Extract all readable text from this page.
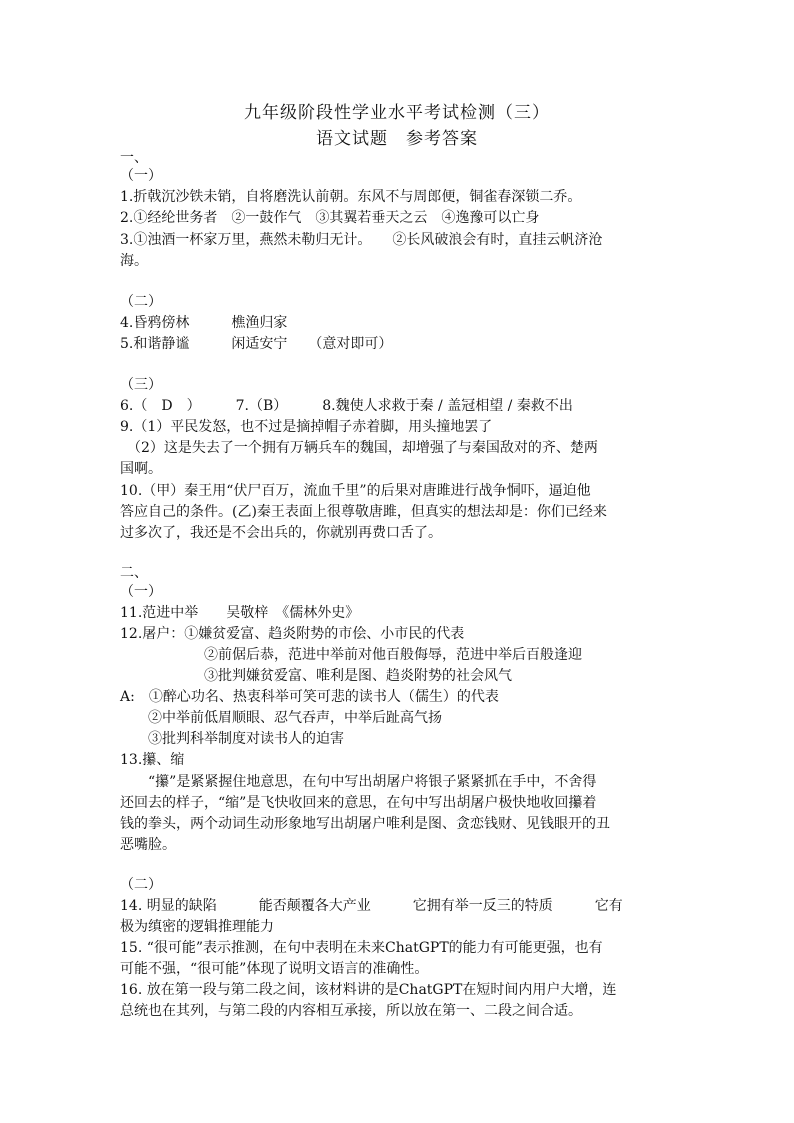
九年级阶段性学业水平考试检测（三）
语文试题　参考答案
一、
（一）
1.折戟沉沙铁未销，自将磨洗认前朝。东风不与周郎便，铜雀春深锁二乔。
2.①经纶世务者　②一鼓作气　③其翼若垂天之云　④逸豫可以亡身
3.①浊酒一杯家万里，燕然未勒归无计。　　②长风破浪会有时，直挂云帆济沧
海。
（二）
4.昏鸦傍林　　　樵渔归家
5.和谐静谧　　　闲适安宁　　（意对即可）
（三）
6.（　D　）　　　7.（B）　　　8.魏使人求救于秦 / 盖冠相望 / 秦救不出
9.（1）平民发怒，也不过是摘掉帽子赤着脚，用头撞地罢了
　（2）这是失去了一个拥有万辆兵车的魏国，却增强了与秦国敌对的齐、楚两
国啊。
10.（甲）秦王用“伏尸百万，流血千里”的后果对唐雎进行战争恫吓，逼迫他
答应自己的条件。(乙)秦王表面上很尊敬唐雎，但真实的想法却是：你们已经来
过多次了，我还是不会出兵的，你就别再费口舌了。
二、
（一）
11.范进中举　　吴敬梓　《儒林外史》
12.屠户：①嫌贫爱富、趋炎附势的市侩、小市民的代表
　　　　　　②前倨后恭，范进中举前对他百般侮辱，范进中举后百般逢迎
　　　　　　③批判嫌贫爱富、唯利是图、趋炎附势的社会风气
A:　①醉心功名、热衷科举可笑可悲的读书人（儒生）的代表
　　②中举前低眉顺眼、忍气吞声，中举后趾高气扬
　　③批判科举制度对读书人的迫害
13.攥、缩
　　“攥”是紧紧握住地意思，在句中写出胡屠户将银子紧紧抓在手中，不舍得
还回去的样子，“缩”是飞快收回来的意思，在句中写出胡屠户极快地收回攥着
钱的拳头，两个动词生动形象地写出胡屠户唯利是图、贪恋钱财、见钱眼开的丑
恶嘴脸。
（二）
14. 明显的缺陷　　　能否颠覆各大产业　　　它拥有举一反三的特质　　　它有
极为缜密的逻辑推理能力
15. “很可能”表示推测，在句中表明在未来ChatGPT的能力有可能更强，也有
可能不强，“很可能”体现了说明文语言的准确性。
16. 放在第一段与第二段之间，该材料讲的是ChatGPT在短时间内用户大增，连
总统也在其列，与第二段的内容相互承接，所以放在第一、二段之间合适。
